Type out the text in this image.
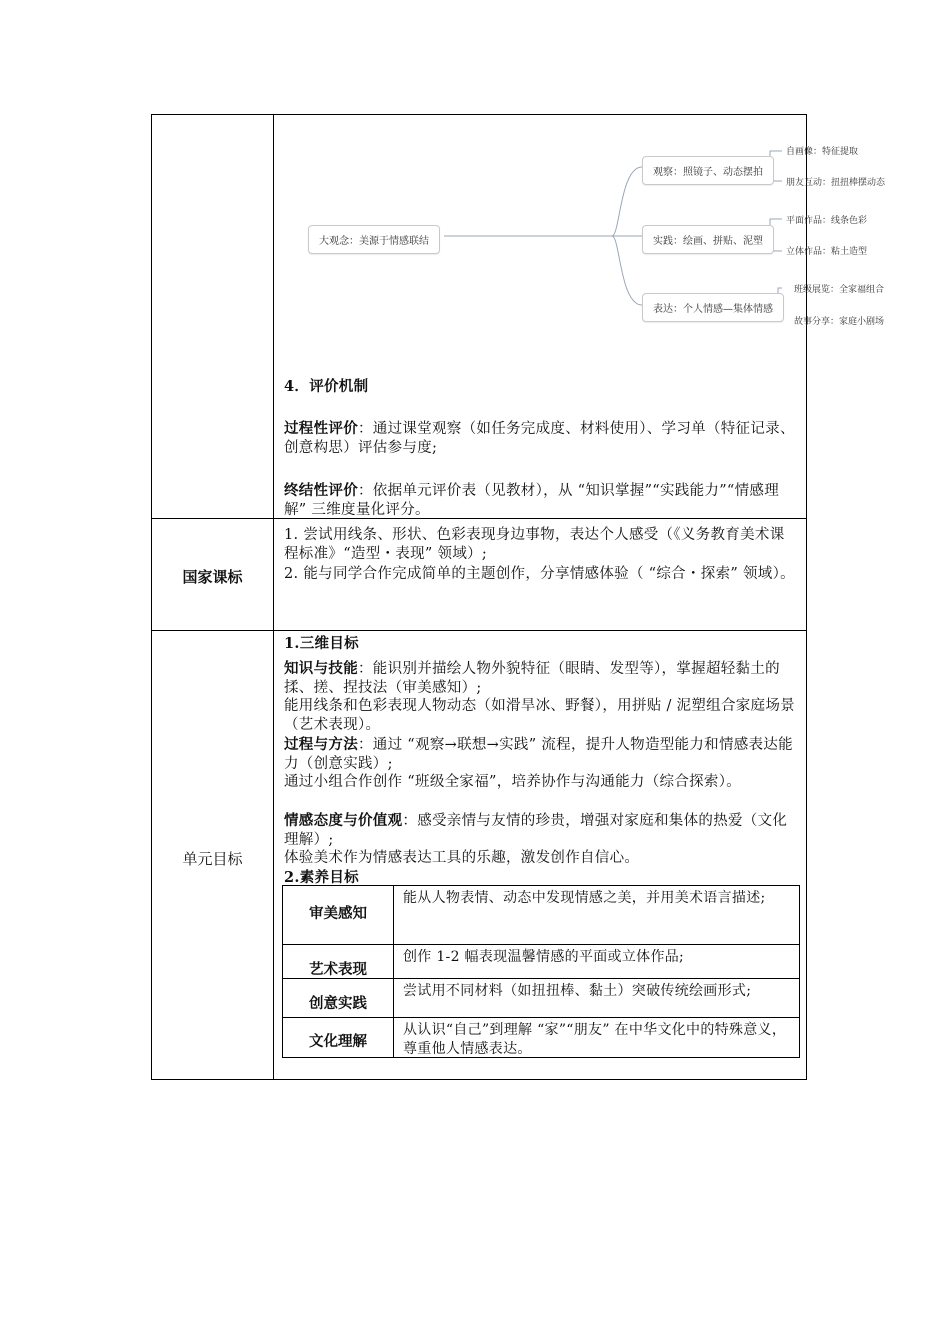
大观念：美源于情感联结
观察：照镜子、动态摆拍
实践：绘画、拼贴、泥塑
表达：个人情感—集体情感
自画像：特征提取
朋友互动：扭扭棒摆动态
平面作品：线条色彩
立体作品：粘土造型
班级展览：全家福组合
故事分享：家庭小剧场

4．评价机制

过程性评价：通过课堂观察（如任务完成度、材料使用）、学习单（特征记录、创意构思）评估参与度;

终结性评价：依据单元评价表（见教材），从 “知识掌握”“实践能力”“情感理解” 三维度量化评分。

国家课标

1. 尝试用线条、形状、色彩表现身边事物，表达个人感受（《义务教育美术课程标准》“造型・表现” 领域）;

2. 能与同学合作完成简单的主题创作，分享情感体验（ “综合・探索” 领域）。

单元目标

1.三维目标

知识与技能：能识别并描绘人物外貌特征（眼睛、发型等），掌握超轻黏土的揉、搓、捏技法（审美感知）;

能用线条和色彩表现人物动态（如滑旱冰、野餐），用拼贴 / 泥塑组合家庭场景（艺术表现）。

过程与方法：通过 “观察→联想→实践” 流程，提升人物造型能力和情感表达能力（创意实践）;

通过小组合作创作 “班级全家福”，培养协作与沟通能力（综合探索）。

情感态度与价值观：感受亲情与友情的珍贵，增强对家庭和集体的热爱（文化理解）;

体验美术作为情感表达工具的乐趣，激发创作自信心。

2.素养目标

审美感知
能从人物表情、动态中发现情感之美，并用美术语言描述;
艺术表现
创作 1-2 幅表现温馨情感的平面或立体作品;
创意实践
尝试用不同材料（如扭扭棒、黏土）突破传统绘画形式;
文化理解
从认识“自己”到理解 “家”“朋友” 在中华文化中的特殊意义，尊重他人情感表达。
